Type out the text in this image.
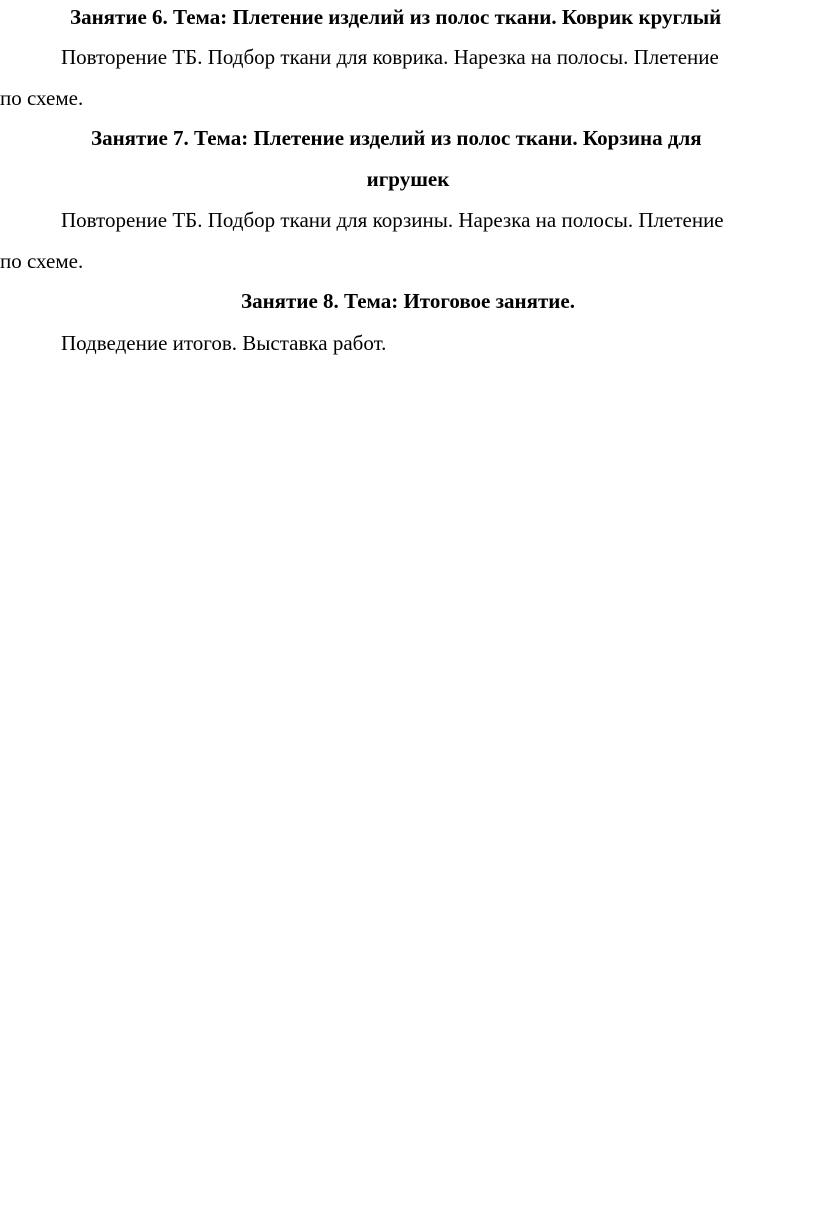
Занятие 6. Тема: Плетение изделий из полос ткани. Коврик круглый
Повторение ТБ. Подбор ткани для коврика. Нарезка на полосы. Плетение
по схеме.
Занятие 7. Тема: Плетение изделий из полос ткани. Корзина для
игрушек
Повторение ТБ. Подбор ткани для корзины. Нарезка на полосы. Плетение
по схеме.
Занятие 8. Тема: Итоговое занятие.
Подведение итогов. Выставка работ.
